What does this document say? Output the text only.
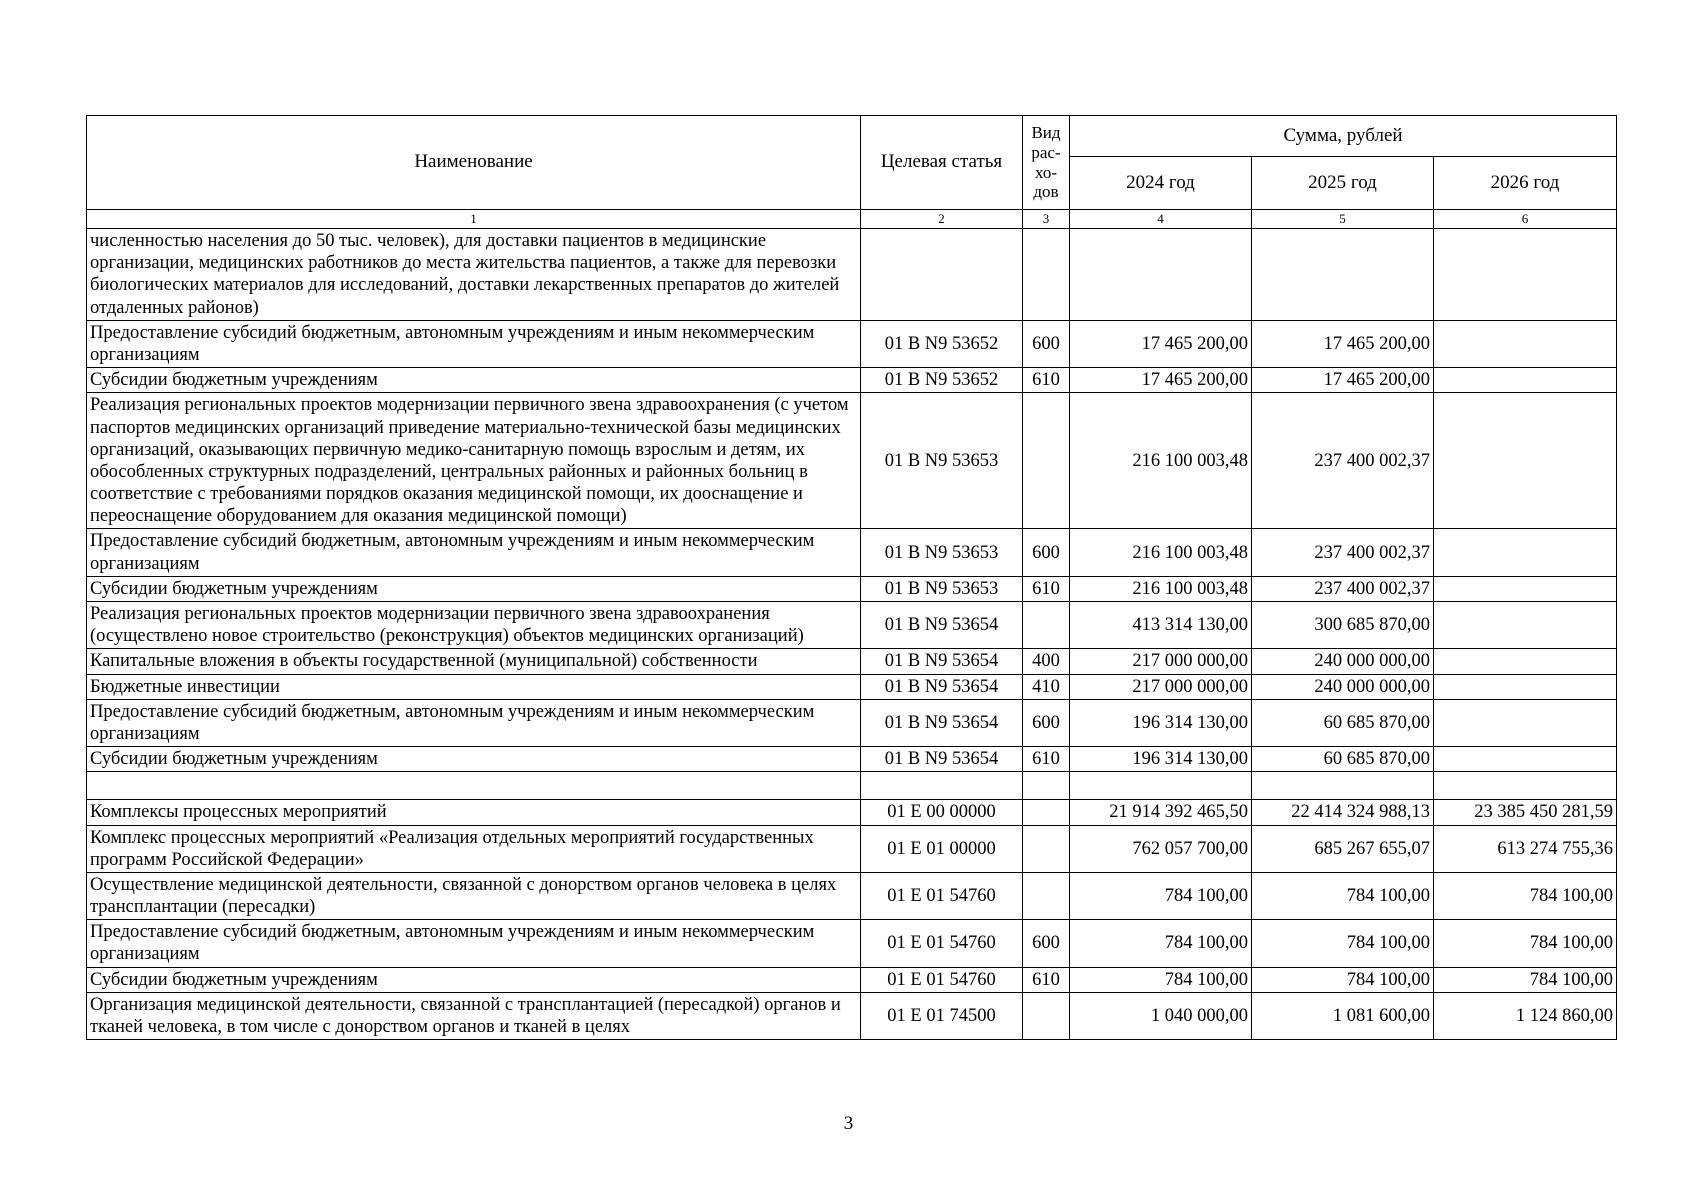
Наименование	Целевая статья	Вид рас-хо-дов	Сумма, рублей		
			2024 год	2025 год	2026 год
1	2	3	4	5	6
численностью населения до 50 тыс. человек), для доставки пациентов в медицинские организации, медицинских работников до места жительства пациентов, а также для перевозки биологических материалов для исследований, доставки лекарственных препаратов до жителей отдаленных районов)					
Предоставление субсидий бюджетным, автономным учреждениям и иным некоммерческим организациям	01 В N9 53652	600	17 465 200,00	17 465 200,00	
Субсидии бюджетным учреждениям	01 В N9 53652	610	17 465 200,00	17 465 200,00	
Реализация региональных проектов модернизации первичного звена здравоохранения (с учетом паспортов медицинских организаций приведение материально-технической базы медицинских организаций, оказывающих первичную медико-санитарную помощь взрослым и детям, их обособленных структурных подразделений, центральных районных и районных больниц в соответствие с требованиями порядков оказания медицинской помощи, их дооснащение и переоснащение оборудованием для оказания медицинской помощи)	01 В N9 53653		216 100 003,48	237 400 002,37	
Предоставление субсидий бюджетным, автономным учреждениям и иным некоммерческим организациям	01 В N9 53653	600	216 100 003,48	237 400 002,37	
Субсидии бюджетным учреждениям	01 В N9 53653	610	216 100 003,48	237 400 002,37	
Реализация региональных проектов модернизации первичного звена здравоохранения (осуществлено новое строительство (реконструкция) объектов медицинских организаций)	01 В N9 53654		413 314 130,00	300 685 870,00	
Капитальные вложения в объекты государственной (муниципальной) собственности	01 В N9 53654	400	217 000 000,00	240 000 000,00	
Бюджетные инвестиции	01 В N9 53654	410	217 000 000,00	240 000 000,00	
Предоставление субсидий бюджетным, автономным учреждениям и иным некоммерческим организациям	01 В N9 53654	600	196 314 130,00	60 685 870,00	
Субсидии бюджетным учреждениям	01 В N9 53654	610	196 314 130,00	60 685 870,00	

Комплексы процессных мероприятий	01 Е 00 00000		21 914 392 465,50	22 414 324 988,13	23 385 450 281,59
Комплекс процессных мероприятий «Реализация отдельных мероприятий государственных программ Российской Федерации»	01 Е 01 00000		762 057 700,00	685 267 655,07	613 274 755,36
Осуществление медицинской деятельности, связанной с донорством органов человека в целях трансплантации (пересадки)	01 Е 01 54760		784 100,00	784 100,00	784 100,00
Предоставление субсидий бюджетным, автономным учреждениям и иным некоммерческим организациям	01 Е 01 54760	600	784 100,00	784 100,00	784 100,00
Субсидии бюджетным учреждениям	01 Е 01 54760	610	784 100,00	784 100,00	784 100,00
Организация медицинской деятельности, связанной с трансплантацией (пересадкой) органов и тканей человека, в том числе с донорством органов и тканей в целях	01 Е 01 74500		1 040 000,00	1 081 600,00	1 124 860,00
3
